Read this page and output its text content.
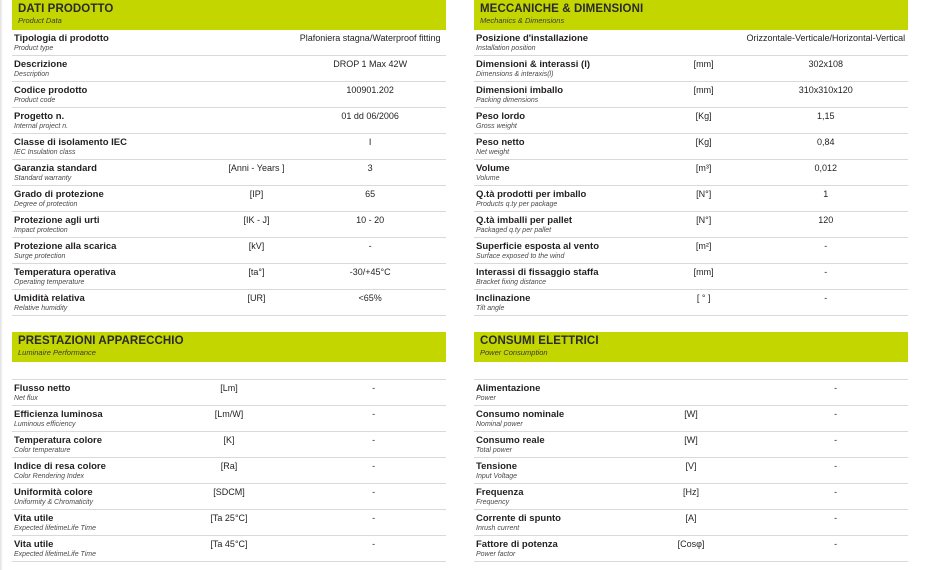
DATI PRODOTTO
Product Data
Tipologia di prodotto
Product type		Plafoniera stagna/Waterproof fitting

Descrizione
Description		DROP 1 Max 42W

Codice prodotto
Product code		100901.202

Progetto n.
Internal project n.		01 dd 06/2006

Classe di isolamento IEC
IEC Insulation class		I

Garanzia standard
Standard warranty	[Anni - Years ]	3

Grado di protezione
Degree of protection	[IP]	65

Protezione agli urti
Impact protection	[IK - J]	10 - 20

Protezione alla scarica
Surge protection	[kV]	-

Temperatura operativa
Operating temperature	[ta°]	-30/+45°C

Umidità relativa
Relative humidity	[UR]	<65%
PRESTAZIONI APPARECCHIO
Luminaire Performance

Flusso netto
Net flux	[Lm]	-

Efficienza luminosa
Luminous efficiency	[Lm/W]	-

Temperatura colore
Color temperature	[K]	-

Indice di resa colore
Color Rendering Index	[Ra]	-

Uniformità colore
Uniformity & Chromaticity	[SDCM]	-

Vita utile
Expected lifetimeLife Time	[Ta 25°C]	-

Vita utile
Expected lifetimeLife Time	[Ta 45°C]	-
MECCANICHE & DIMENSIONI
Mechanics & Dimensions
Posizione d'installazione
Installation position		Orizzontale-Verticale/Horizontal-Vertical

Dimensioni & interassi (l)
Dimensions & interaxis(l)	[mm]	302x108

Dimensioni imballo
Packing dimensions	[mm]	310x310x120

Peso lordo
Gross weight	[Kg]	1,15

Peso netto
Net weight	[Kg]	0,84

Volume
Volume	[m³]	0,012

Q.tà prodotti per imballo
Products q.ty per package	[N°]	1

Q.tà imballi per pallet
Packaged q.ty per pallet	[N°]	120

Superficie esposta al vento
Surface exposed to the wind	[m²]	-

Interassi di fissaggio staffa
Bracket fixing distance	[mm]	-

Inclinazione
Tilt angle	[ ° ]	-
CONSUMI ELETTRICI
Power Consumption

Alimentazione
Power		-

Consumo nominale
Nominal power	[W]	-

Consumo reale
Total power	[W]	-

Tensione
Input Voltage	[V]	-

Frequenza
Frequency	[Hz]	-

Corrente di spunto
Inrush current	[A]	-

Fattore di potenza
Power factor	[Cosφ]	-
